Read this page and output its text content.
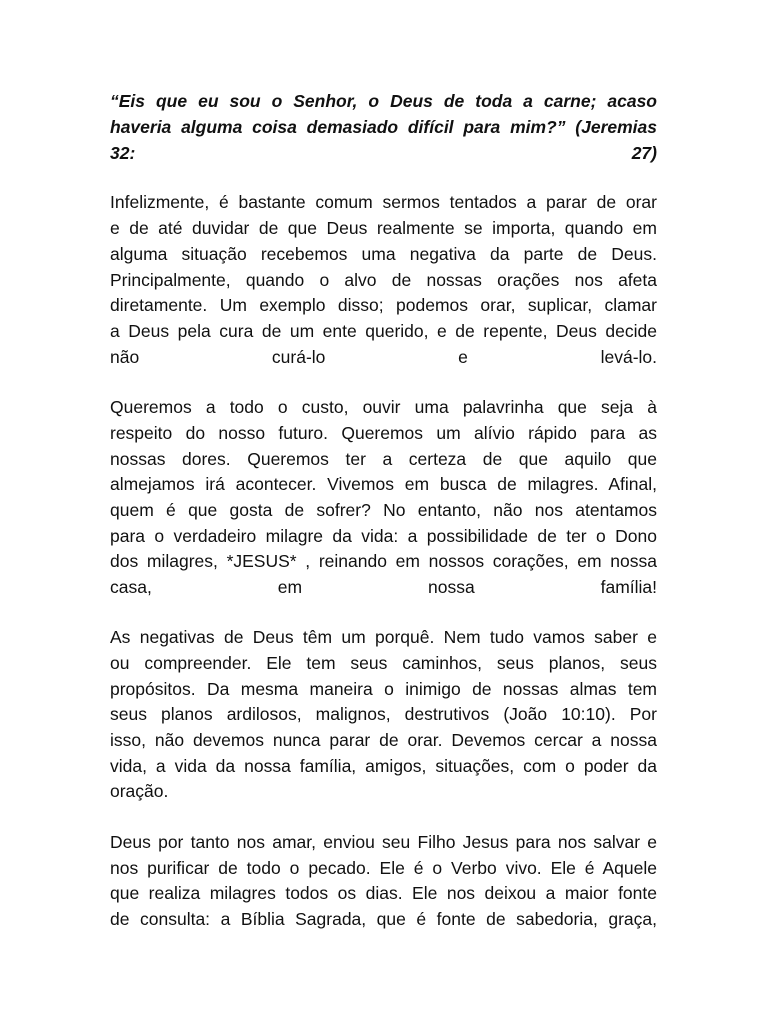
“Eis que eu sou o Senhor, o Deus de toda a carne; acaso
haveria alguma coisa demasiado difícil para mim?” (Jeremias
32: 27)
Infelizmente, é bastante comum sermos tentados a parar de orar
e de até duvidar de que Deus realmente se importa, quando em
alguma situação recebemos uma negativa da parte de Deus.
Principalmente, quando o alvo de nossas orações nos afeta
diretamente. Um exemplo disso; podemos orar, suplicar, clamar
a Deus pela cura de um ente querido, e de repente, Deus decide
não curá-lo e levá-lo.
Queremos a todo o custo, ouvir uma palavrinha que seja à
respeito do nosso futuro. Queremos um alívio rápido para as
nossas dores. Queremos ter a certeza de que aquilo que
almejamos irá acontecer. Vivemos em busca de milagres. Afinal,
quem é que gosta de sofrer? No entanto, não nos atentamos
para o verdadeiro milagre da vida: a possibilidade de ter o Dono
dos milagres, *JESUS* , reinando em nossos corações, em nossa
casa, em nossa família!
As negativas de Deus têm um porquê. Nem tudo vamos saber e
ou compreender. Ele tem seus caminhos, seus planos, seus
propósitos. Da mesma maneira o inimigo de nossas almas tem
seus planos ardilosos, malignos, destrutivos (João 10:10). Por
isso, não devemos nunca parar de orar. Devemos cercar a nossa
vida, a vida da nossa família, amigos, situações, com o poder da
oração.
Deus por tanto nos amar, enviou seu Filho Jesus para nos salvar e
nos purificar de todo o pecado. Ele é o Verbo vivo. Ele é Aquele
que realiza milagres todos os dias. Ele nos deixou a maior fonte
de consulta: a Bíblia Sagrada, que é fonte de sabedoria, graça,
